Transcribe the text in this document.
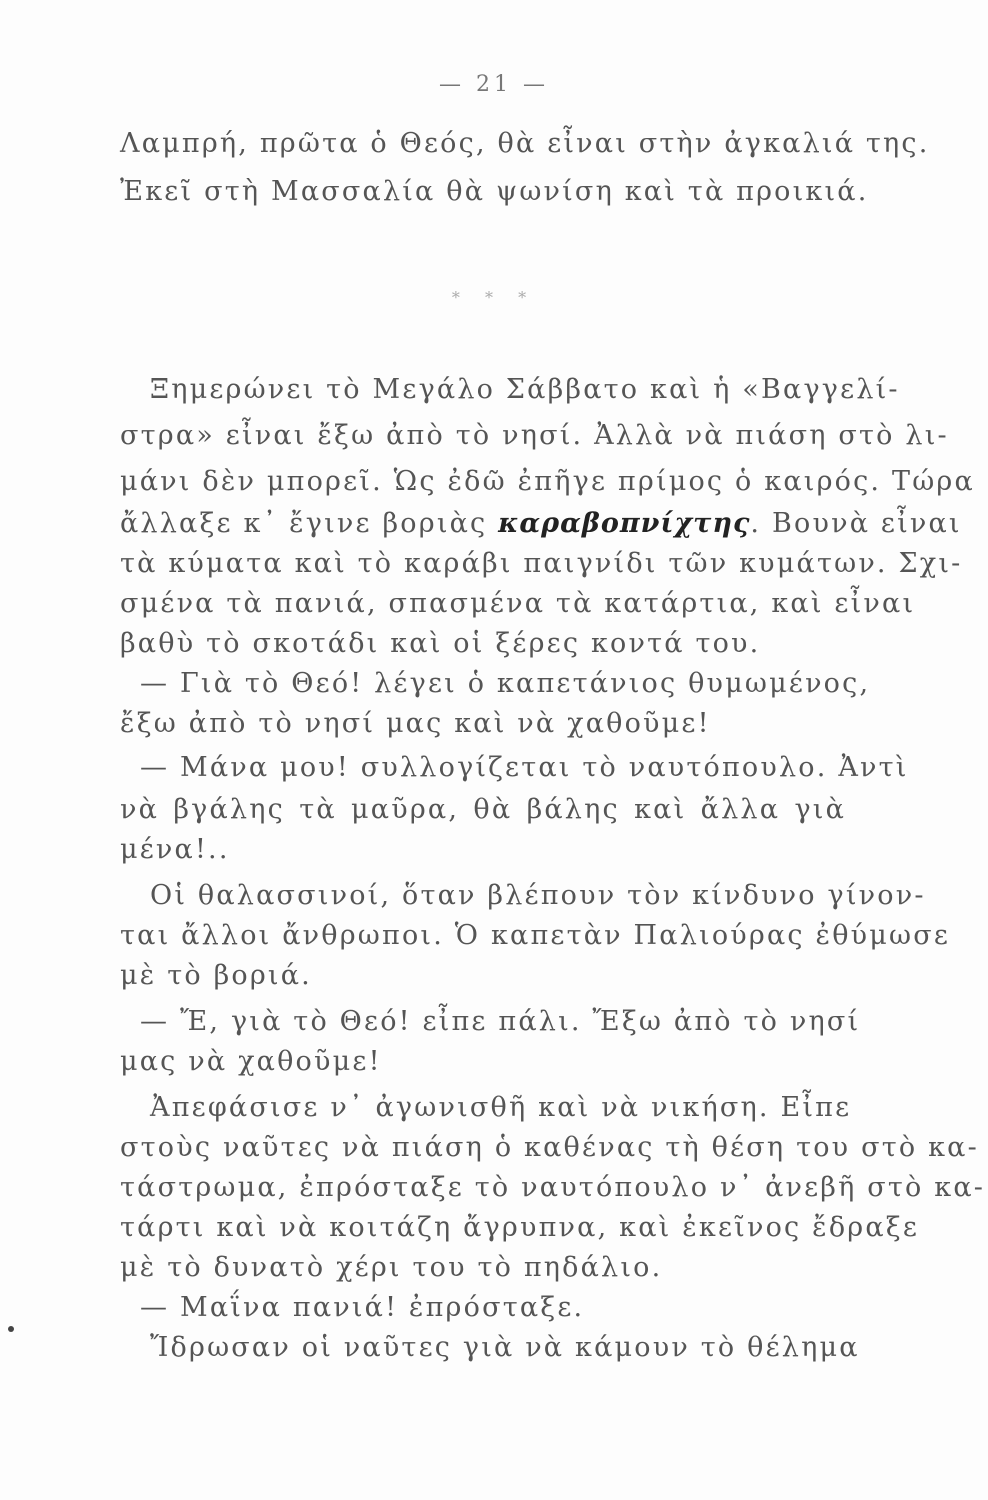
— 21 —
Λαμπρή, πρῶτα ὁ Θεός, θὰ εἶναι στὴν ἀγκαλιά της.
Ἐκεῖ στὴ Μασσαλία θὰ ψωνίση καὶ τὰ προικιά.
* * *
Ξημερώνει τὸ Μεγάλο Σάββατο καὶ ἡ «Βαγγελί-
στρα» εἶναι ἔξω ἀπὸ τὸ νησί. Ἀλλὰ νὰ πιάση στὸ λι-
μάνι δὲν μπορεῖ. Ὡς ἐδῶ ἐπῆγε πρίμος ὁ καιρός. Τώρα
ἄλλαξε κ᾿ ἔγινε βοριὰς καραβοπνίχτης. Βουνὰ εἶναι
τὰ κύματα καὶ τὸ καράβι παιγνίδι τῶν κυμάτων. Σχι-
σμένα τὰ πανιά, σπασμένα τὰ κατάρτια, καὶ εἶναι
βαθὺ τὸ σκοτάδι καὶ οἱ ξέρες κοντά του.
— Γιὰ τὸ Θεό! λέγει ὁ καπετάνιος θυμωμένος,
ἔξω ἀπὸ τὸ νησί μας καὶ νὰ χαθοῦμε!
— Μάνα μου! συλλογίζεται τὸ ναυτόπουλο. Ἀντὶ
νὰ βγάλης τὰ μαῦρα, θὰ βάλης καὶ ἄλλα γιὰ
μένα!..
Οἱ θαλασσινοί, ὅταν βλέπουν τὸν κίνδυνο γίνον-
ται ἄλλοι ἄνθρωποι. Ὁ καπετὰν Παλιούρας ἐθύμωσε
μὲ τὸ βοριά.
— Ἔ, γιὰ τὸ Θεό! εἶπε πάλι. Ἔξω ἀπὸ τὸ νησί
μας νὰ χαθοῦμε!
Ἀπεφάσισε ν᾿ ἀγωνισθῆ καὶ νὰ νικήση. Εἶπε
στοὺς ναῦτες νὰ πιάση ὁ καθένας τὴ θέση του στὸ κα-
τάστρωμα, ἐπρόσταξε τὸ ναυτόπουλο ν᾿ ἀνεβῆ στὸ κα-
τάρτι καὶ νὰ κοιτάζη ἄγρυπνα, καὶ ἐκεῖνος ἔδραξε
μὲ τὸ δυνατὸ χέρι του τὸ πηδάλιο.
— Μαΐνα πανιά! ἐπρόσταξε.
Ἴδρωσαν οἱ ναῦτες γιὰ νὰ κάμουν τὸ θέλημα
